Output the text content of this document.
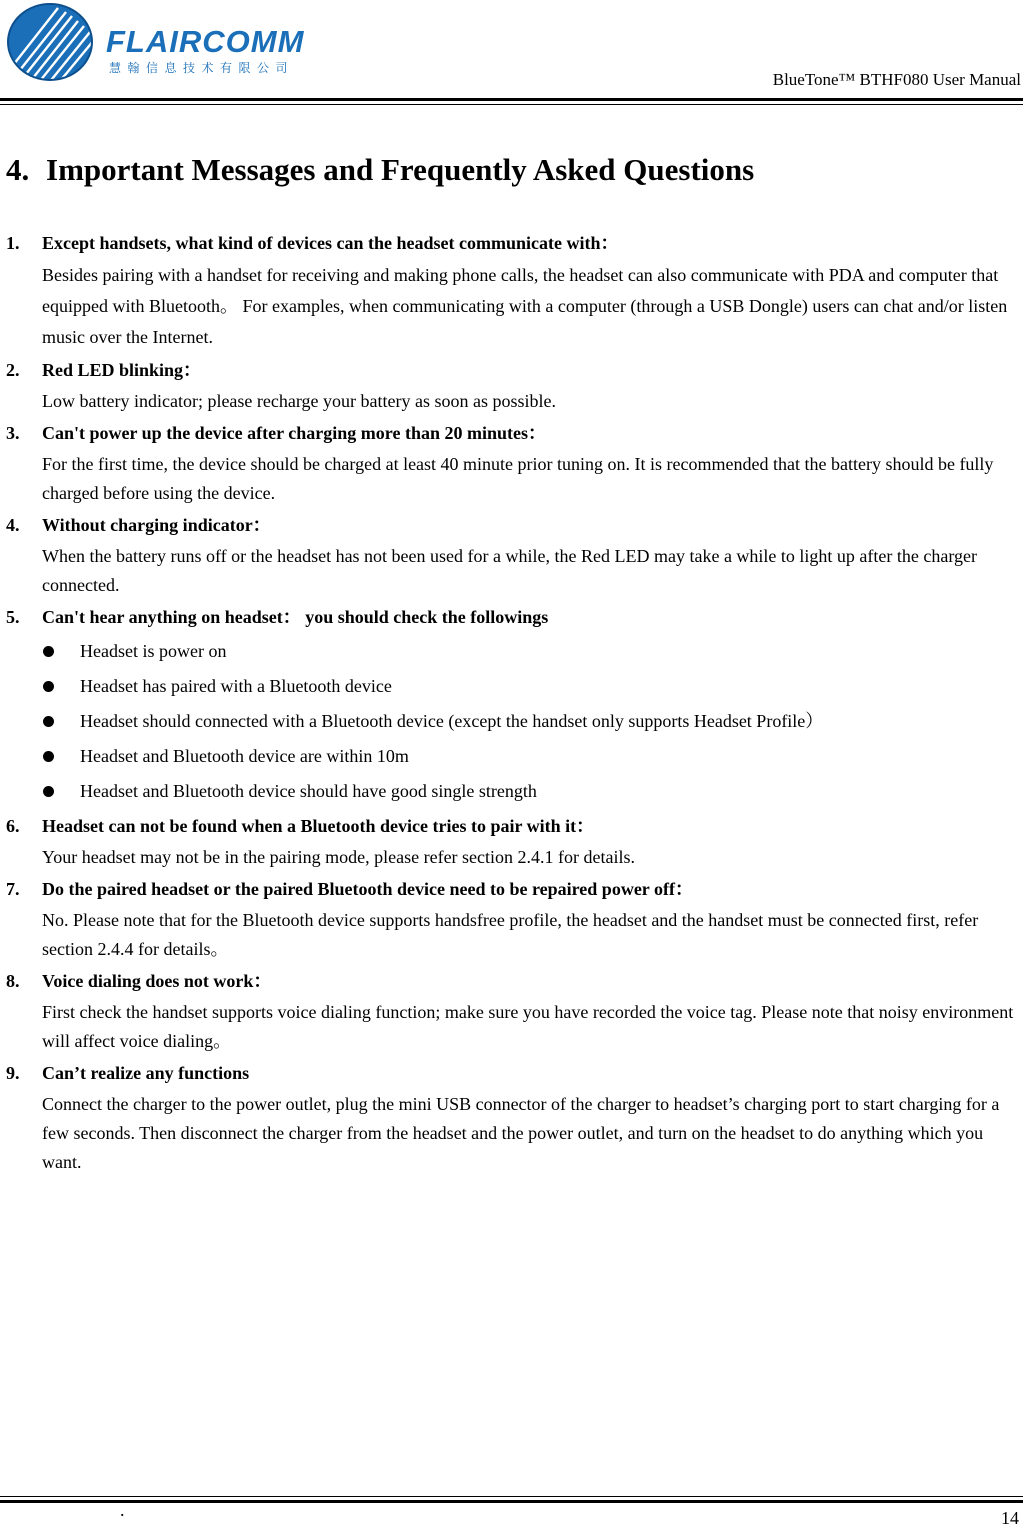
FLAIRCOMM
慧翰信息技术有限公司
BlueTone™ BTHF080 User Manual
4. Important Messages and Frequently Asked Questions
1. Except handsets, what kind of devices can the headset communicate with：
Besides pairing with a handset for receiving and making phone calls, the headset can also communicate with PDA and computer that equipped with Bluetooth。 For examples, when communicating with a computer (through a USB Dongle) users can chat and/or listen music over the Internet.
2. Red LED blinking：
Low battery indicator; please recharge your battery as soon as possible.
3. Can't power up the device after charging more than 20 minutes：
For the first time, the device should be charged at least 40 minute prior tuning on. It is recommended that the battery should be fully charged before using the device.
4. Without charging indicator：
When the battery runs off or the headset has not been used for a while, the Red LED may take a while to light up after the charger connected.
5. Can't hear anything on headset： you should check the followings
Headset is power on
Headset has paired with a Bluetooth device
Headset should connected with a Bluetooth device (except the handset only supports Headset Profile）
Headset and Bluetooth device are within 10m
Headset and Bluetooth device should have good single strength
6. Headset can not be found when a Bluetooth device tries to pair with it：
Your headset may not be in the pairing mode, please refer section 2.4.1 for details.
7. Do the paired headset or the paired Bluetooth device need to be repaired power off：
No. Please note that for the Bluetooth device supports handsfree profile, the headset and the handset must be connected first, refer section 2.4.4 for details。
8. Voice dialing does not work：
First check the handset supports voice dialing function; make sure you have recorded the voice tag. Please note that noisy environment will affect voice dialing。
9. Can’t realize any functions
Connect the charger to the power outlet, plug the mini USB connector of the charger to headset’s charging port to start charging for a few seconds. Then disconnect the charger from the headset and the power outlet, and turn on the headset to do anything which you want.
.	14
